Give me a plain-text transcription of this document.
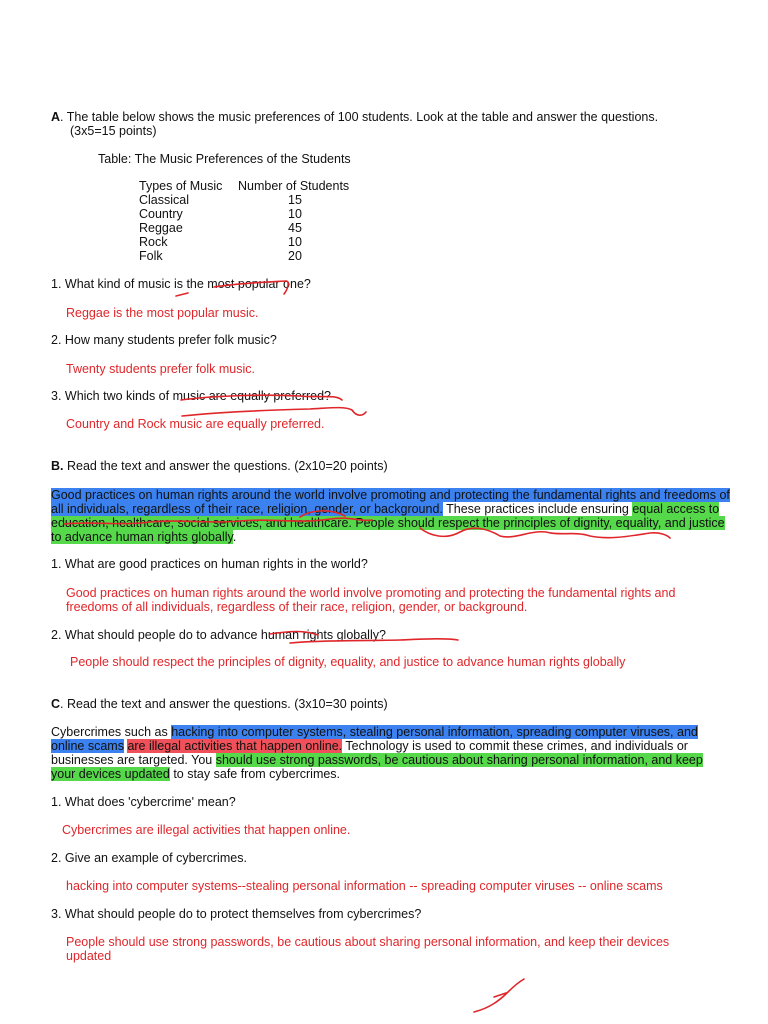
A. The table below shows the music preferences of 100 students. Look at the table and answer the questions.
(3x5=15 points)
Table: The Music Preferences of the Students
Types of Music	Number of Students
Classical	15
Country	10
Reggae	45
Rock	10
Folk	20
1. What kind of music is the most popular one?
Reggae is the most popular music.
2. How many students prefer folk music?
Twenty students prefer folk music.
3. Which two kinds of music are equally preferred?
Country and Rock music are equally preferred.
B. Read the text and answer the questions. (2x10=20 points)
Good practices on human rights around the world involve promoting and protecting the fundamental rights and freedoms of all individuals, regardless of their race, religion, gender, or background. These practices include ensuring equal access to education, healthcare, social services, and healthcare. People should respect the principles of dignity, equality, and justice to advance human rights globally.
1. What are good practices on human rights in the world?
Good practices on human rights around the world involve promoting and protecting the fundamental rights and freedoms of all individuals, regardless of their race, religion, gender, or background.
2. What should people do to advance human rights globally?
People should respect the principles of dignity, equality, and justice to advance human rights globally
C. Read the text and answer the questions. (3x10=30 points)
Cybercrimes such as hacking into computer systems, stealing personal information, spreading computer viruses, and online scams are illegal activities that happen online. Technology is used to commit these crimes, and individuals or businesses are targeted. You should use strong passwords, be cautious about sharing personal information, and keep your devices updated to stay safe from cybercrimes.
1. What does 'cybercrime' mean?
Cybercrimes are illegal activities that happen online.
2. Give an example of cybercrimes.
hacking into computer systems--stealing personal information -- spreading computer viruses -- online scams
3. What should people do to protect themselves from cybercrimes?
People should use strong passwords, be cautious about sharing personal information, and keep their devices updated
